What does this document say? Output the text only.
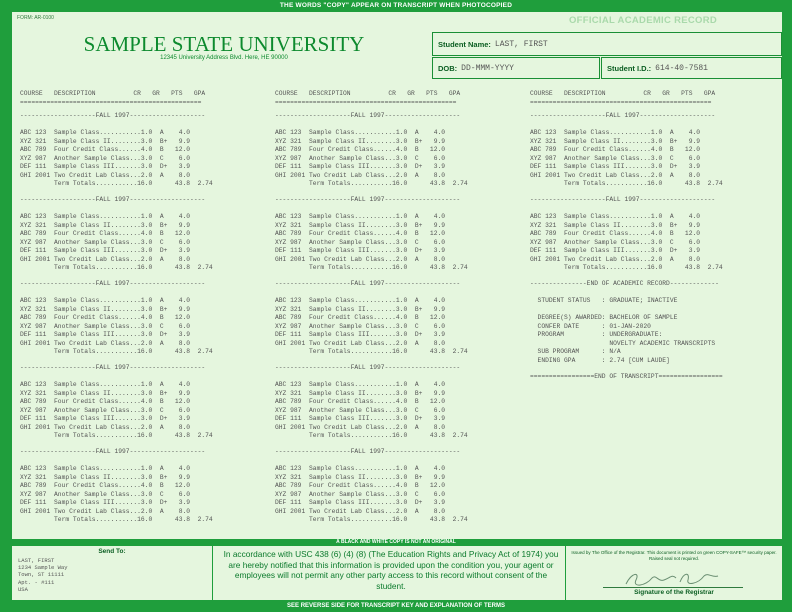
THE WORDS "COPY" APPEAR ON TRANSCRIPT WHEN PHOTOCOPIED
FORM: AR-0100	OFFICIAL ACADEMIC RECORD
SAMPLE STATE UNIVERSITY
12345 University Address Blvd. Here, HE 90000
Student Name: LAST, FIRST
DOB: DD-MMM-YYYY	Student I.D.: 614-40-7581
COURSE   DESCRIPTION          CR   GR   PTS   GPA
================================================
COURSE   DESCRIPTION          CR   GR   PTS   GPA
================================================
COURSE   DESCRIPTION          CR   GR   PTS   GPA
================================================
--------------------FALL 1997--------------------

ABC 123  Sample Class...........1.0  A    4.0
XYZ 321  Sample Class II........3.0  B+   9.9
ABC 789  Four Credit Class......4.0  B   12.0
XYZ 987  Another Sample Class...3.0  C    6.0
DEF 111  Sample Class III.......3.0  D+   3.9
GHI 2001 Two Credit Lab Class...2.0  A    8.0
Term Totals...........16.0      43.8  2.74
--------------------FALL 1997--------------------

ABC 123  Sample Class...........1.0  A    4.0
XYZ 321  Sample Class II........3.0  B+   9.9
ABC 789  Four Credit Class......4.0  B   12.0
XYZ 987  Another Sample Class...3.0  C    6.0
DEF 111  Sample Class III.......3.0  D+   3.9
GHI 2001 Two Credit Lab Class...2.0  A    8.0
Term Totals...........16.0      43.8  2.74
--------------------FALL 1997--------------------

ABC 123  Sample Class...........1.0  A    4.0
XYZ 321  Sample Class II........3.0  B+   9.9
ABC 789  Four Credit Class......4.0  B   12.0
XYZ 987  Another Sample Class...3.0  C    6.0
DEF 111  Sample Class III.......3.0  D+   3.9
GHI 2001 Two Credit Lab Class...2.0  A    8.0
Term Totals...........16.0      43.8  2.74
--------------------FALL 1997--------------------

ABC 123  Sample Class...........1.0  A    4.0
XYZ 321  Sample Class II........3.0  B+   9.9
ABC 789  Four Credit Class......4.0  B   12.0
XYZ 987  Another Sample Class...3.0  C    6.0
DEF 111  Sample Class III.......3.0  D+   3.9
GHI 2001 Two Credit Lab Class...2.0  A    8.0
Term Totals...........16.0      43.8  2.74
--------------------FALL 1997--------------------

ABC 123  Sample Class...........1.0  A    4.0
XYZ 321  Sample Class II........3.0  B+   9.9
ABC 789  Four Credit Class......4.0  B   12.0
XYZ 987  Another Sample Class...3.0  C    6.0
DEF 111  Sample Class III.......3.0  D+   3.9
GHI 2001 Two Credit Lab Class...2.0  A    8.0
Term Totals...........16.0      43.8  2.74
--------------------FALL 1997--------------------

ABC 123  Sample Class...........1.0  A    4.0
XYZ 321  Sample Class II........3.0  B+   9.9
ABC 789  Four Credit Class......4.0  B   12.0
XYZ 987  Another Sample Class...3.0  C    6.0
DEF 111  Sample Class III.......3.0  D+   3.9
GHI 2001 Two Credit Lab Class...2.0  A    8.0
Term Totals...........16.0      43.8  2.74
--------------------FALL 1997--------------------

ABC 123  Sample Class...........1.0  A    4.0
XYZ 321  Sample Class II........3.0  B+   9.9
ABC 789  Four Credit Class......4.0  B   12.0
XYZ 987  Another Sample Class...3.0  C    6.0
DEF 111  Sample Class III.......3.0  D+   3.9
GHI 2001 Two Credit Lab Class...2.0  A    8.0
Term Totals...........16.0      43.8  2.74
--------------------FALL 1997--------------------

ABC 123  Sample Class...........1.0  A    4.0
XYZ 321  Sample Class II........3.0  B+   9.9
ABC 789  Four Credit Class......4.0  B   12.0
XYZ 987  Another Sample Class...3.0  C    6.0
DEF 111  Sample Class III.......3.0  D+   3.9
GHI 2001 Two Credit Lab Class...2.0  A    8.0
Term Totals...........16.0      43.8  2.74
--------------------FALL 1997--------------------

ABC 123  Sample Class...........1.0  A    4.0
XYZ 321  Sample Class II........3.0  B+   9.9
ABC 789  Four Credit Class......4.0  B   12.0
XYZ 987  Another Sample Class...3.0  C    6.0
DEF 111  Sample Class III.......3.0  D+   3.9
GHI 2001 Two Credit Lab Class...2.0  A    8.0
Term Totals...........16.0      43.8  2.74
--------------------FALL 1997--------------------

ABC 123  Sample Class...........1.0  A    4.0
XYZ 321  Sample Class II........3.0  B+   9.9
ABC 789  Four Credit Class......4.0  B   12.0
XYZ 987  Another Sample Class...3.0  C    6.0
DEF 111  Sample Class III.......3.0  D+   3.9
GHI 2001 Two Credit Lab Class...2.0  A    8.0
Term Totals...........16.0      43.8  2.74
--------------------FALL 1997--------------------

ABC 123  Sample Class...........1.0  A    4.0
XYZ 321  Sample Class II........3.0  B+   9.9
ABC 789  Four Credit Class......4.0  B   12.0
XYZ 987  Another Sample Class...3.0  C    6.0
DEF 111  Sample Class III.......3.0  D+   3.9
GHI 2001 Two Credit Lab Class...2.0  A    8.0
Term Totals...........16.0      43.8  2.74
--------------------FALL 1997--------------------

ABC 123  Sample Class...........1.0  A    4.0
XYZ 321  Sample Class II........3.0  B+   9.9
ABC 789  Four Credit Class......4.0  B   12.0
XYZ 987  Another Sample Class...3.0  C    6.0
DEF 111  Sample Class III.......3.0  D+   3.9
GHI 2001 Two Credit Lab Class...2.0  A    8.0
Term Totals...........16.0      43.8  2.74
---------------END OF ACADEMIC RECORD-------------
STUDENT STATUS   : GRADUATE; INACTIVE

DEGREE(S) AWARDED: BACHELOR OF SAMPLE
CONFER DATE      : 01-JAN-2020
PROGRAM          : UNDERGRADUATE:
NOVELTY ACADEMIC TRANSCRIPTS
SUB PROGRAM      : N/A
ENDING GPA       : 2.74 [CUM LAUDE]
=================END OF TRANSCRIPT=================
A BLACK AND WHITE COPY IS NOT AN ORIGINAL
Send To:
LAST, FIRST
1234 Sample Way
Town, ST 11111
Apt. - #111
USA
In accordance with USC 438 (6) (4) (8) (The Education Rights and Privacy Act of 1974) you are hereby notified that this information is provided upon the condition you, your agent or employees will not permit any other party access to this record without consent of the student.
Issued by The Office of the Registrar. This document is printed on green COPY-SAFE™ security paper. Raised seal not required.
Signature of the Registrar
SEE REVERSE SIDE FOR TRANSCRIPT KEY AND EXPLANATION OF TERMS
